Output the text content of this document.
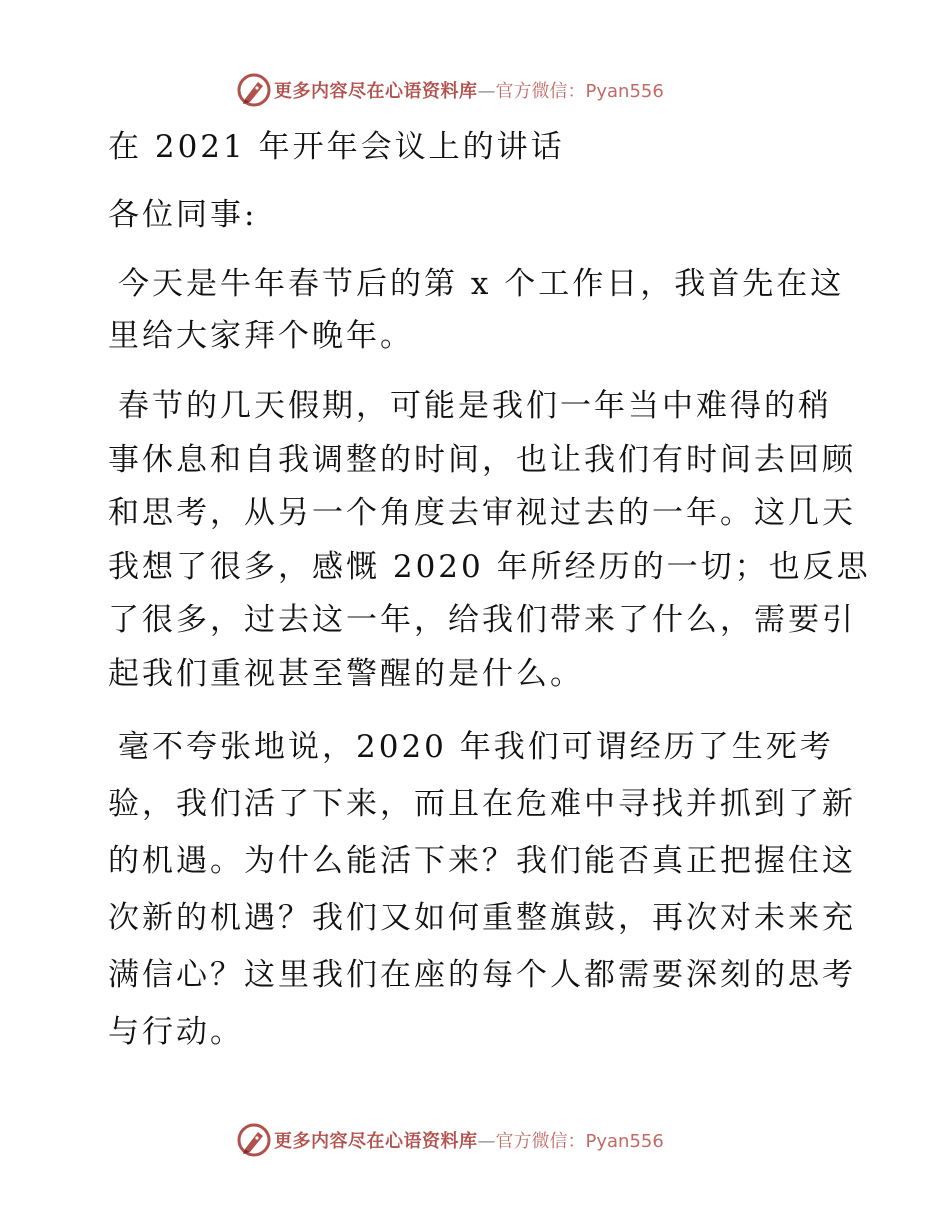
更多内容尽在心语资料库—官方微信：Pyan556
在 2021 年开年会议上的讲话
各位同事:
今天是牛年春节后的第 x 个工作日，我首先在这
里给大家拜个晚年。
春节的几天假期，可能是我们一年当中难得的稍
事休息和自我调整的时间，也让我们有时间去回顾
和思考，从另一个角度去审视过去的一年。这几天
我想了很多，感慨 2020 年所经历的一切；也反思
了很多，过去这一年，给我们带来了什么，需要引
起我们重视甚至警醒的是什么。
毫不夸张地说，2020 年我们可谓经历了生死考
验，我们活了下来，而且在危难中寻找并抓到了新
的机遇。为什么能活下来？我们能否真正把握住这
次新的机遇？我们又如何重整旗鼓，再次对未来充
满信心？这里我们在座的每个人都需要深刻的思考
与行动。
更多内容尽在心语资料库—官方微信：Pyan556
